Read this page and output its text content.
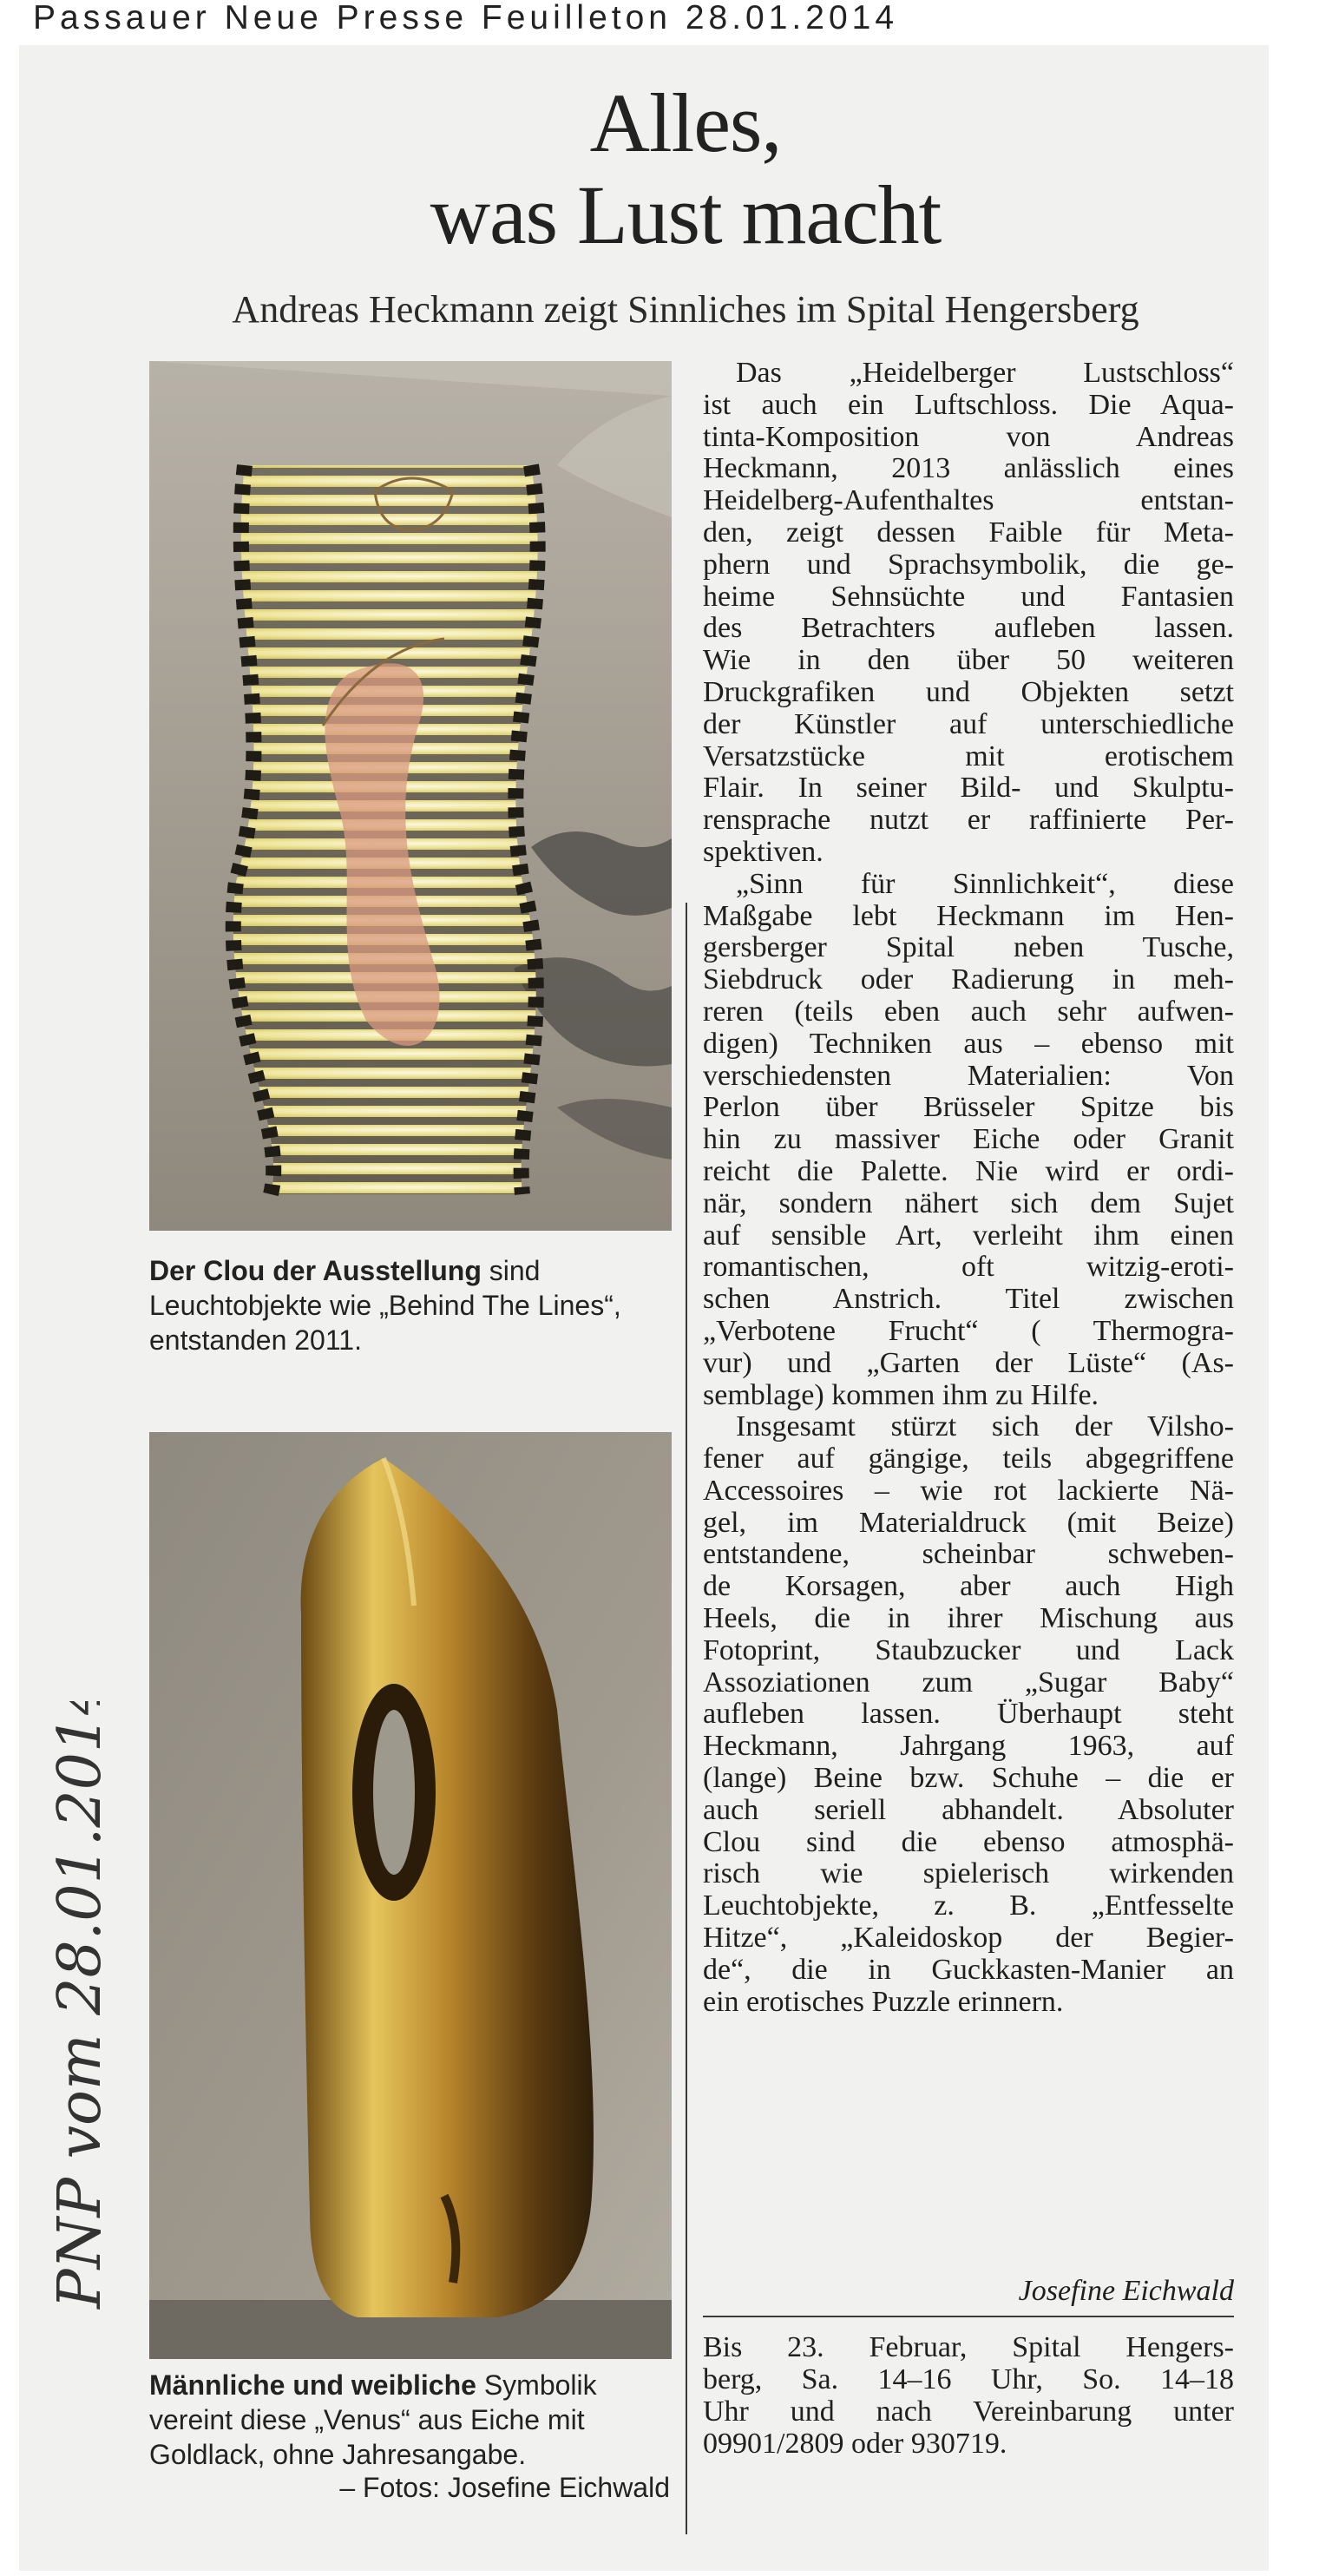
Passauer Neue Presse Feuilleton 28.01.2014
Alles,
was Lust macht
Andreas Heckmann zeigt Sinnliches im Spital Hengersberg
Der Clou der Ausstellung sind Leuchtobjekte wie „Behind The Lines“, entstanden 2011.
Männliche und weibliche Symbolik vereint diese „Venus“ aus Eiche mit Goldlack, ohne Jahresangabe.
– Fotos: Josefine Eichwald
PNP vom 28.01.2014
Das „Heidelberger Lustschloss“
ist auch ein Luftschloss. Die Aqua-
tinta-Komposition von Andreas
Heckmann, 2013 anlässlich eines
Heidelberg-Aufenthaltes entstan-
den, zeigt dessen Faible für Meta-
phern und Sprachsymbolik, die ge-
heime Sehnsüchte und Fantasien
des Betrachters aufleben lassen.
Wie in den über 50 weiteren
Druckgrafiken und Objekten setzt
der Künstler auf unterschiedliche
Versatzstücke mit erotischem
Flair. In seiner Bild- und Skulptu-
rensprache nutzt er raffinierte Per-
spektiven.
„Sinn für Sinnlichkeit“, diese
Maßgabe lebt Heckmann im Hen-
gersberger Spital neben Tusche,
Siebdruck oder Radierung in meh-
reren (teils eben auch sehr aufwen-
digen) Techniken aus – ebenso mit
verschiedensten Materialien: Von
Perlon über Brüsseler Spitze bis
hin zu massiver Eiche oder Granit
reicht die Palette. Nie wird er ordi-
när, sondern nähert sich dem Sujet
auf sensible Art, verleiht ihm einen
romantischen, oft witzig-eroti-
schen Anstrich. Titel zwischen
„Verbotene Frucht“ ( Thermogra-
vur) und „Garten der Lüste“ (As-
semblage) kommen ihm zu Hilfe.
Insgesamt stürzt sich der Vilsho-
fener auf gängige, teils abgegriffene
Accessoires – wie rot lackierte Nä-
gel, im Materialdruck (mit Beize)
entstandene, scheinbar schweben-
de Korsagen, aber auch High
Heels, die in ihrer Mischung aus
Fotoprint, Staubzucker und Lack
Assoziationen zum „Sugar Baby“
aufleben lassen. Überhaupt steht
Heckmann, Jahrgang 1963, auf
(lange) Beine bzw. Schuhe – die er
auch seriell abhandelt. Absoluter
Clou sind die ebenso atmosphä-
risch wie spielerisch wirkenden
Leuchtobjekte, z. B. „Entfesselte
Hitze“, „Kaleidoskop der Begier-
de“, die in Guckkasten-Manier an
ein erotisches Puzzle erinnern.
Josefine Eichwald
Bis 23. Februar, Spital Hengers-
berg, Sa. 14–16 Uhr, So. 14–18
Uhr und nach Vereinbarung unter
09901/2809 oder 930719.
